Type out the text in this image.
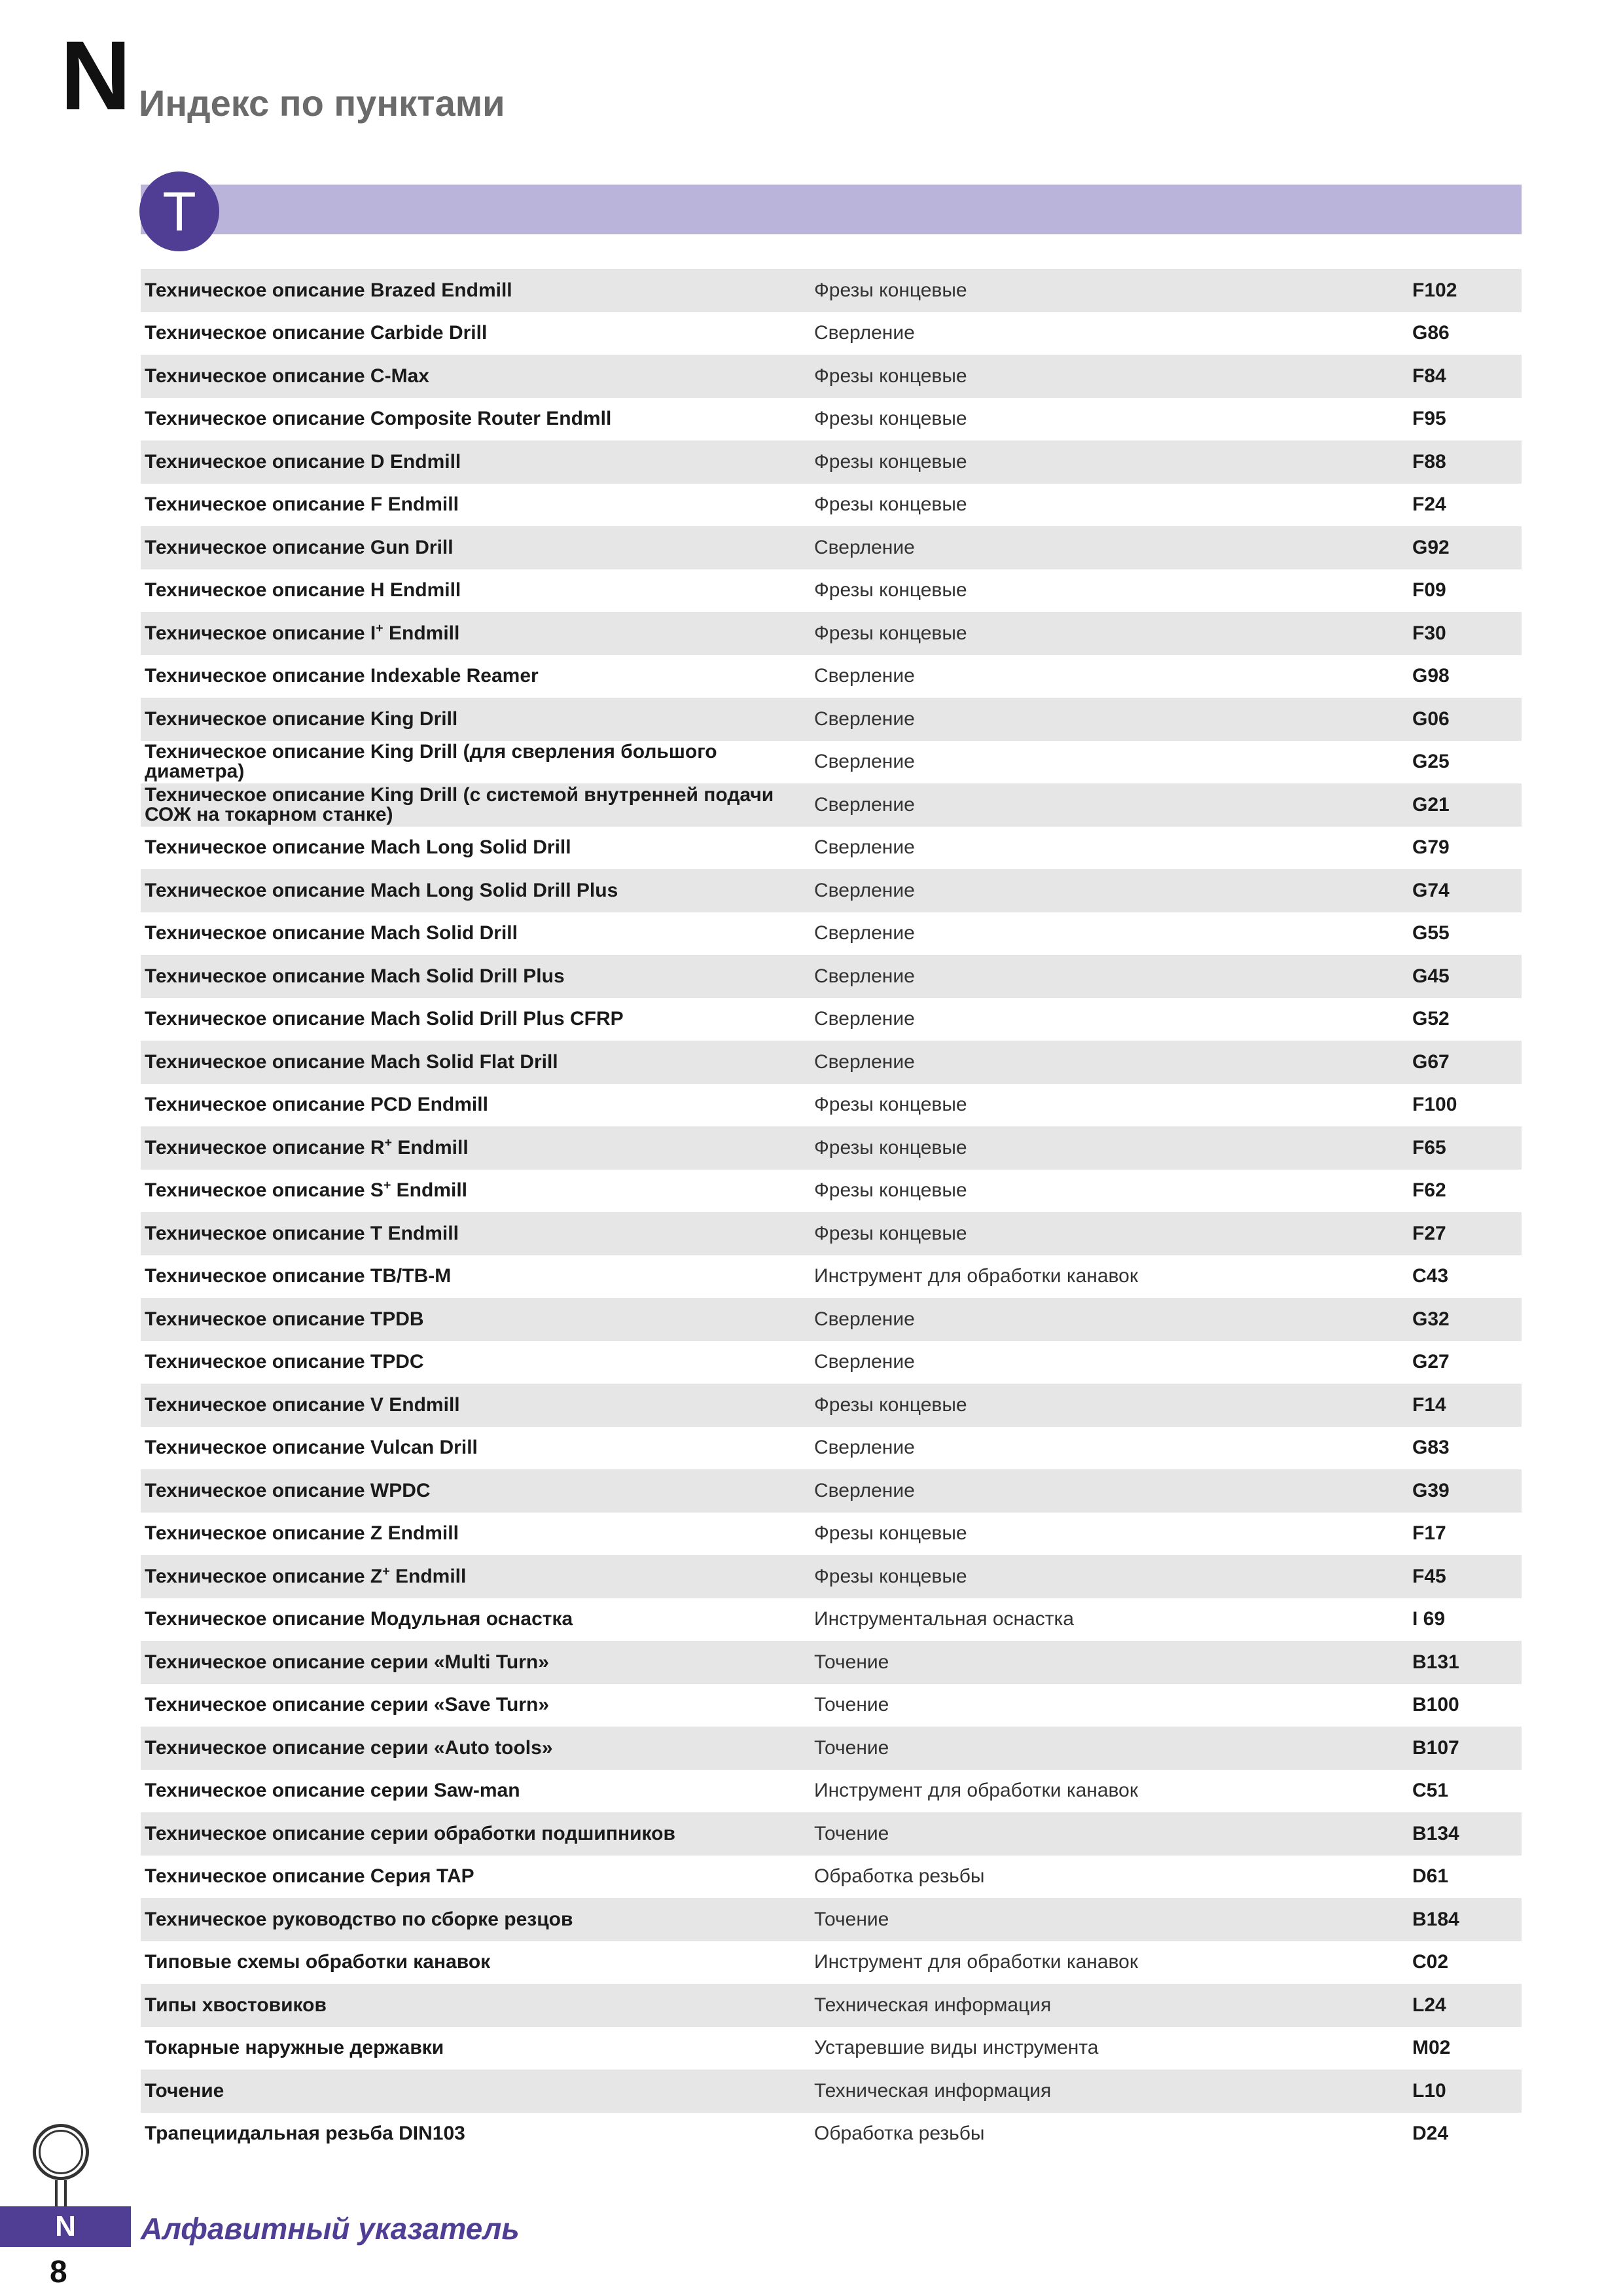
N Индекс по пунктами
T
Техническое описание Brazed Endmill	Фрезы концевые	F102
Техническое описание Carbide Drill	Сверление	G86
Техническое описание C-Max	Фрезы концевые	F84
Техническое описание Composite Router Endmll	Фрезы концевые	F95
Техническое описание D Endmill	Фрезы концевые	F88
Техническое описание F Endmill	Фрезы концевые	F24
Техническое описание Gun Drill	Сверление	G92
Техническое описание H Endmill	Фрезы концевые	F09
Техническое описание I+ Endmill	Фрезы концевые	F30
Техническое описание Indexable Reamer	Сверление	G98
Техническое описание King Drill	Сверление	G06
Техническое описание King Drill (для сверления большого диаметра)	Сверление	G25
Техническое описание King Drill (с системой внутренней подачи СОЖ на токарном станке)	Сверление	G21
Техническое описание Mach Long Solid Drill	Сверление	G79
Техническое описание Mach Long Solid Drill Plus	Сверление	G74
Техническое описание Mach Solid Drill	Сверление	G55
Техническое описание Mach Solid Drill Plus	Сверление	G45
Техническое описание Mach Solid Drill Plus CFRP	Сверление	G52
Техническое описание Mach Solid Flat Drill	Сверление	G67
Техническое описание PCD Endmill	Фрезы концевые	F100
Техническое описание R+ Endmill	Фрезы концевые	F65
Техническое описание S+ Endmill	Фрезы концевые	F62
Техническое описание T Endmill	Фрезы концевые	F27
Техническое описание TB/TB-M	Инструмент для обработки канавок	C43
Техническое описание TPDB	Сверление	G32
Техническое описание TPDC	Сверление	G27
Техническое описание V Endmill	Фрезы концевые	F14
Техническое описание Vulcan Drill	Сверление	G83
Техническое описание WPDC	Сверление	G39
Техническое описание Z Endmill	Фрезы концевые	F17
Техническое описание Z+ Endmill	Фрезы концевые	F45
Техническое описание Модульная оснастка	Инструментальная оснастка	I 69
Техническое описание серии «Multi Turn»	Точение	B131
Техническое описание серии «Save Turn»	Точение	B100
Техническое описание серии «Auto tools»	Точение	B107
Техническое описание серии Saw-man	Инструмент для обработки канавок	C51
Техническое описание серии обработки подшипников	Точение	B134
Техническое описание Серия TAP	Обработка резьбы	D61
Техническое руководство по сборке резцов	Точение	B184
Типовые схемы обработки канавок	Инструмент для обработки канавок	C02
Типы хвостовиков	Техническая информация	L24
Токарные наружные державки	Устаревшие виды инструмента	M02
Точение	Техническая информация	L10
Трапециидальная резьба DIN103	Обработка резьбы	D24
N	Алфавитный указатель
8
